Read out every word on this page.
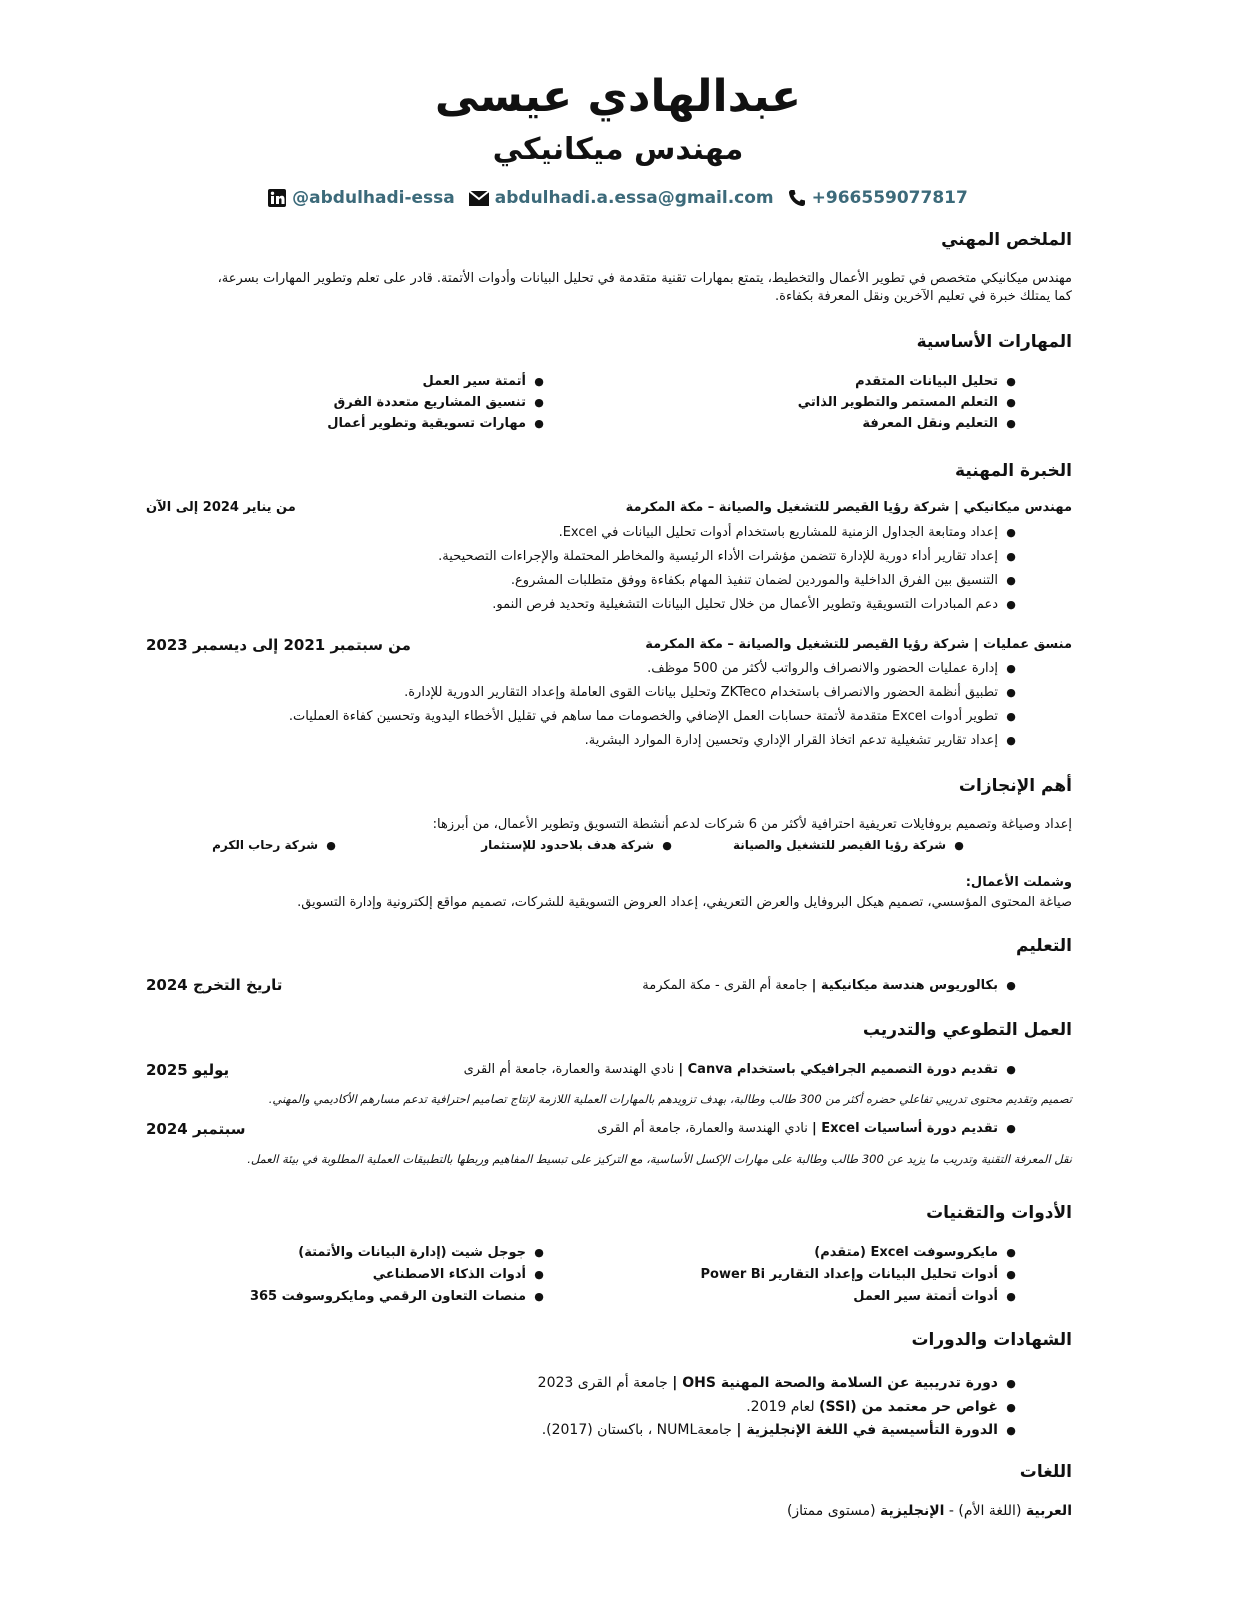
عبدالهادي عيسى
مهندس ميكانيكي
@abdulhadi-essa abdulhadi.a.essa@gmail.com +966559077817
الملخص المهني
مهندس ميكانيكي متخصص في تطوير الأعمال والتخطيط، يتمتع بمهارات تقنية متقدمة في تحليل البيانات وأدوات الأتمتة. قادر على تعلم وتطوير المهارات بسرعة،
كما يمتلك خبرة في تعليم الآخرين ونقل المعرفة بكفاءة.
المهارات الأساسية
●تحليل البيانات المتقدم
●التعلم المستمر والتطوير الذاتي
●التعليم ونقل المعرفة
●أتمتة سير العمل
●تنسيق المشاريع متعددة الفرق
●مهارات تسويقية وتطوير أعمال
الخبرة المهنية
مهندس ميكانيكي | شركة رؤيا القيصر للتشغيل والصيانة – مكة المكرمة
من يناير 2024 إلى الآن
●إعداد ومتابعة الجداول الزمنية للمشاريع باستخدام أدوات تحليل البيانات في Excel.
●إعداد تقارير أداء دورية للإدارة تتضمن مؤشرات الأداء الرئيسية والمخاطر المحتملة والإجراءات التصحيحية.
●التنسيق بين الفرق الداخلية والموردين لضمان تنفيذ المهام بكفاءة ووفق متطلبات المشروع.
●دعم المبادرات التسويقية وتطوير الأعمال من خلال تحليل البيانات التشغيلية وتحديد فرص النمو.
منسق عمليات | شركة رؤيا القيصر للتشغيل والصيانة – مكة المكرمة
من سبتمبر 2021 إلى ديسمبر 2023
●إدارة عمليات الحضور والانصراف والرواتب لأكثر من 500 موظف.
●تطبيق أنظمة الحضور والانصراف باستخدام ZKTeco وتحليل بيانات القوى العاملة وإعداد التقارير الدورية للإدارة.
●تطوير أدوات Excel متقدمة لأتمتة حسابات العمل الإضافي والخصومات مما ساهم في تقليل الأخطاء اليدوية وتحسين كفاءة العمليات.
●إعداد تقارير تشغيلية تدعم اتخاذ القرار الإداري وتحسين إدارة الموارد البشرية.
أهم الإنجازات
إعداد وصياغة وتصميم بروفايلات تعريفية احترافية لأكثر من 6 شركات لدعم أنشطة التسويق وتطوير الأعمال، من أبرزها:
●شركة رؤيا القيصر للتشغيل والصيانة
●شركة هدف بلاحدود للإستثمار
●شركة رحاب الكرم
وشملت الأعمال:
صياغة المحتوى المؤسسي، تصميم هيكل البروفايل والعرض التعريفي، إعداد العروض التسويقية للشركات، تصميم مواقع إلكترونية وإدارة التسويق.
التعليم
●بكالوريوس هندسة ميكانيكية | جامعة أم القرى - مكة المكرمة
تاريخ التخرج 2024
العمل التطوعي والتدريب
●تقديم دورة التصميم الجرافيكي باستخدام Canva | نادي الهندسة والعمارة، جامعة أم القرى
يوليو 2025
تصميم وتقديم محتوى تدريبي تفاعلي حضره أكثر من 300 طالب وطالبة، بهدف تزويدهم بالمهارات العملية اللازمة لإنتاج تصاميم احترافية تدعم مسارهم الأكاديمي والمهني.
●تقديم دورة أساسيات Excel | نادي الهندسة والعمارة، جامعة أم القرى
سبتمبر 2024
نقل المعرفة التقنية وتدريب ما يزيد عن 300 طالب وطالبة على مهارات الإكسل الأساسية، مع التركيز على تبسيط المفاهيم وربطها بالتطبيقات العملية المطلوبة في بيئة العمل.
الأدوات والتقنيات
●مايكروسوفت Excel (متقدم)
●أدوات تحليل البيانات وإعداد التقارير Power Bi
●أدوات أتمتة سير العمل
●جوجل شيت (إدارة البيانات والأتمتة)
●أدوات الذكاء الاصطناعي
●منصات التعاون الرقمي ومايكروسوفت 365
الشهادات والدورات
●دورة تدريبية عن السلامة والصحة المهنية OHS | جامعة أم القرى 2023
●غواص حر معتمد من (SSI) لعام 2019.
●الدورة التأسيسية في اللغة الإنجليزية | جامعةNUML ، باكستان (2017).
اللغات
العربية (اللغة الأم) - الإنجليزية (مستوى ممتاز)
